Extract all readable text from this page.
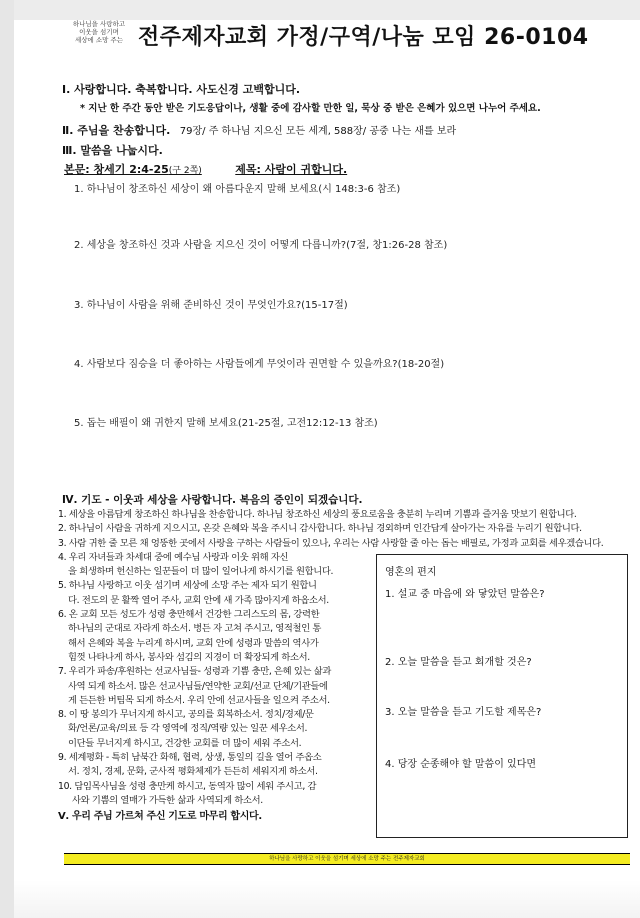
하나님을 사랑하고
이웃을 섬기며
세상에 소망 주는 전주제자교회 가정/구역/나눔 모임 26-0104
Ⅰ. 사랑합니다. 축복합니다. 사도신경 고백합니다.
* 지난 한 주간 동안 받은 기도응답이나, 생활 중에 감사할 만한 일, 묵상 중 받은 은혜가 있으면 나누어 주세요.
Ⅱ. 주님을 찬송합니다. 79장/ 주 하나님 지으신 모든 세계, 588장/ 공중 나는 새를 보라
Ⅲ. 말씀을 나눕시다.
본문: 창세기 2:4-25(구 2쪽)	제목: 사람이 귀합니다.
1. 하나님이 창조하신 세상이 왜 아름다운지 말해 보세요(시 148:3-6 참조)
2. 세상을 창조하신 것과 사람을 지으신 것이 어떻게 다릅니까?(7절, 창1:26-28 참조)
3. 하나님이 사람을 위해 준비하신 것이 무엇인가요?(15-17절)
4. 사람보다 짐승을 더 좋아하는 사람들에게 무엇이라 권면할 수 있을까요?(18-20절)
5. 돕는 배필이 왜 귀한지 말해 보세요(21-25절, 고전12:12-13 참조)
Ⅳ. 기도 - 이웃과 세상을 사랑합니다. 복음의 증인이 되겠습니다.

1. 세상을 아름답게 창조하신 하나님을 찬송합니다. 하나님 창조하신 세상의 풍요로움을 충분히 누리며 기쁨과 즐거움 맛보기 원합니다.

2. 하나님이 사람을 귀하게 지으시고, 온갖 은혜와 복을 주시니 감사합니다. 하나님 경외하며 인간답게 살아가는 자유를 누리기 원합니다.

3. 사람 귀한 줄 모른 채 엉뚱한 곳에서 사랑을 구하는 사람들이 있으나, 우리는 사람 사랑할 줄 아는 돕는 배필로, 가정과 교회를 세우겠습니다.

4. 우리 자녀들과 차세대 중에 예수님 사랑과 이웃 위해 자신

을 희생하며 헌신하는 일꾼들이 더 많이 일어나게 하시기를 원합니다.

5. 하나님 사랑하고 이웃 섬기며 세상에 소망 주는 제자 되기 원합니

다. 전도의 문 활짝 열어 주사, 교회 안에 새 가족 많아지게 하옵소서.

6. 온 교회 모든 성도가 성령 충만해서 건강한 그리스도의 몸, 강력한

하나님의 군대로 자라게 하소서. 병든 자 고쳐 주시고, 영적철인 통

해서 은혜와 복을 누리게 하시며, 교회 안에 성령과 말씀의 역사가

힘껏 나타나게 하사, 봉사와 섬김의 지경이 더 확장되게 하소서.

7. 우리가 파송/후원하는 선교사님들- 성령과 기쁨 충만, 은혜 있는 삶과

사역 되게 하소서. 많은 선교사님들/연약한 교회/선교 단체/기관들에

게 든든한 버팀목 되게 하소서. 우리 안에 선교사들을 일으켜 주소서.

8. 이 땅 봉의가 무너지게 하시고, 공의를 회복하소서. 정치/경제/문

화/언론/교육/의료 등 각 영역에 정직/역량 있는 일꾼 세우소서.

이단들 무너지게 하시고, 건강한 교회를 더 많이 세워 주소서.

9. 세계평화 - 특히 남북간 화해, 협력, 상생, 통일의 길을 열어 주옵소

서. 정치, 경제, 문화, 군사적 평화체제가 든든히 세워지게 하소서.

10. 담임목사님을 성령 충만케 하시고, 동역자 많이 세워 주시고, 감

사와 기쁨의 열매가 가득한 삶과 사역되게 하소서.

Ⅴ. 우리 주님 가르쳐 주신 기도로 마무리 합시다.

영혼의 편지
1. 설교 중 마음에 와 닿았던 말씀은?
2. 오늘 말씀을 듣고 회개할 것은?
3. 오늘 말씀을 듣고 기도할 제목은?
4. 당장 순종해야 할 말씀이 있다면
하나님을 사랑하고 이웃을 섬기며 세상에 소망 주는 전주제자교회
